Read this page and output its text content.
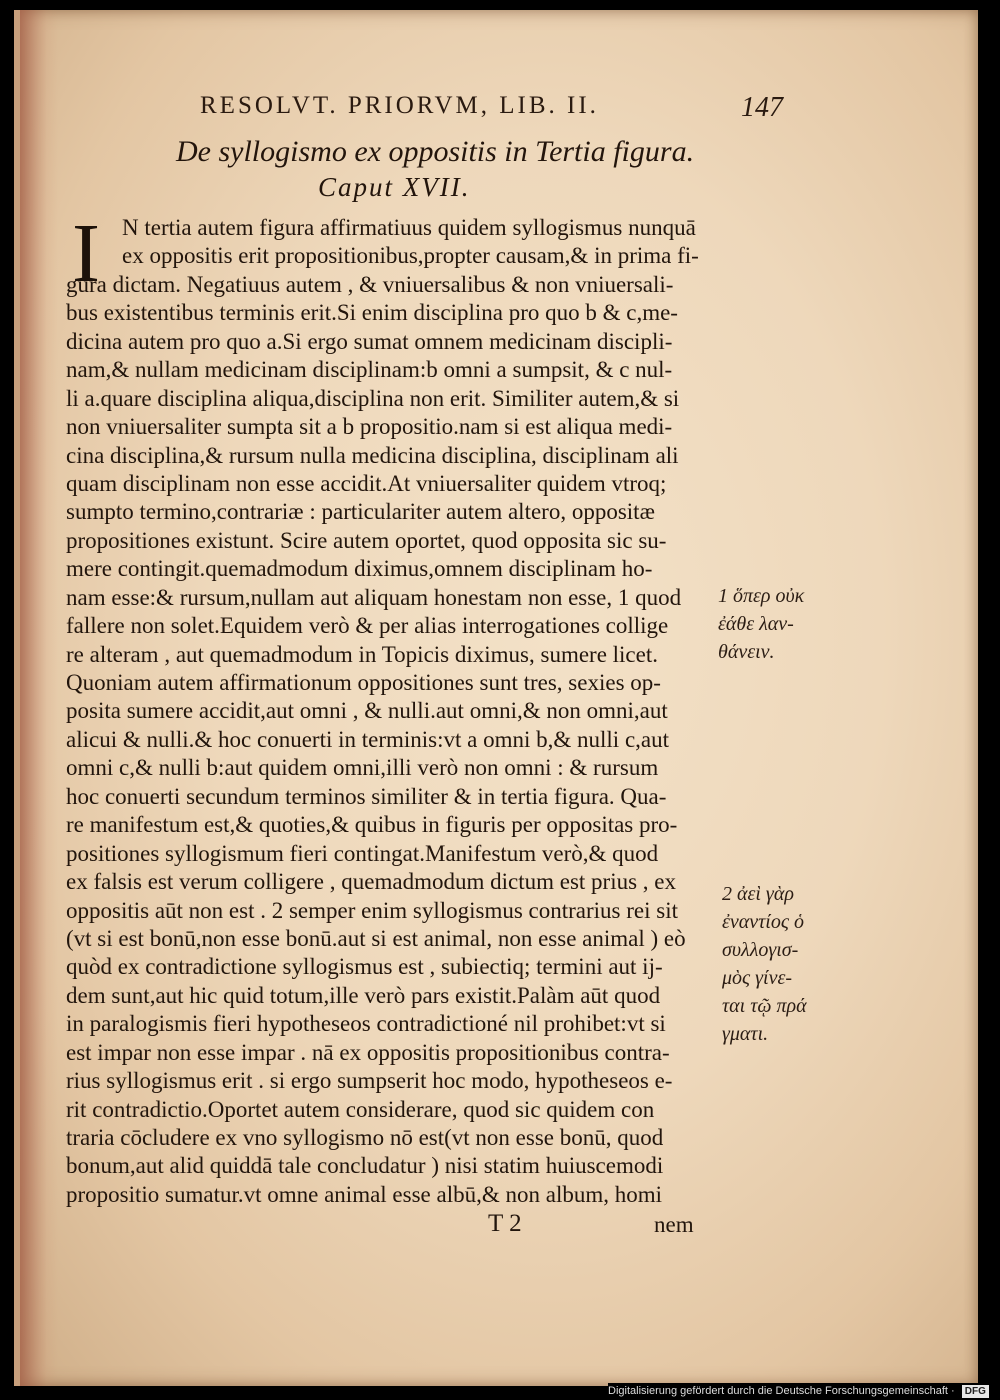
RESOLVT. PRIORVM, LIB. II.	147
De syllogismo ex oppositis in Tertia figura.
Caput XVII.
I N tertia autem figura affirmatiuus quidem syllogismus nunquā
ex oppositis erit propositionibus,propter causam,& in prima fi-
gura dictam. Negatiuus autem , & vniuersalibus & non vniuersali-
bus existentibus terminis erit.Si enim disciplina pro quo b & c,me-
dicina autem pro quo a.Si ergo sumat omnem medicinam discipli-
nam,& nullam medicinam disciplinam:b omni a sumpsit, & c nul-
li a.quare disciplina aliqua,disciplina non erit. Similiter autem,& si
non vniuersaliter sumpta sit a b propositio.nam si est aliqua medi-
cina disciplina,& rursum nulla medicina disciplina, disciplinam ali
quam disciplinam non esse accidit.At vniuersaliter quidem vtroq;
sumpto termino,contrariæ : particulariter autem altero, oppositæ
propositiones existunt. Scire autem oportet, quod opposita sic su-
mere contingit.quemadmodum diximus,omnem disciplinam ho-
nam esse:& rursum,nullam aut aliquam honestam non esse, 1 quod
fallere non solet.Equidem verò & per alias interrogationes collige
re alteram , aut quemadmodum in Topicis diximus, sumere licet.
Quoniam autem affirmationum oppositiones sunt tres, sexies op-
posita sumere accidit,aut omni , & nulli.aut omni,& non omni,aut
alicui & nulli.& hoc conuerti in terminis:vt a omni b,& nulli c,aut
omni c,& nulli b:aut quidem omni,illi verò non omni : & rursum
hoc conuerti secundum terminos similiter & in tertia figura. Qua-
re manifestum est,& quoties,& quibus in figuris per oppositas pro-
positiones syllogismum fieri contingat.Manifestum verò,& quod
ex falsis est verum colligere , quemadmodum dictum est prius , ex
oppositis aūt non est . 2 semper enim syllogismus contrarius rei sit
(vt si est bonū,non esse bonū.aut si est animal, non esse animal ) eò
quòd ex contradictione syllogismus est , subiectiq; termini aut ij-
dem sunt,aut hic quid totum,ille verò pars existit.Palàm aūt quod
in paralogismis fieri hypotheseos contradictioné nil prohibet:vt si
est impar non esse impar . nā ex oppositis propositionibus contra-
rius syllogismus erit . si ergo sumpserit hoc modo, hypotheseos e-
rit contradictio.Oportet autem considerare, quod sic quidem con
traria cōcludere ex vno syllogismo nō est(vt non esse bonū, quod
bonum,aut alid quiddā tale concludatur ) nisi statim huiuscemodi
propositio sumatur.vt omne animal esse albū,& non album, homi
1 ὅπερ οὐκ
ἐάθε λαν-
θάνειν.
2 ἀεὶ γὰρ
ἐναντίος ὁ
συλλογισ-
μὸς γίνε-
ται τῷ πρά
γματι.
T 2	nem
Digitalisierung gefördert durch die Deutsche Forschungsgemeinschaft · DFG
